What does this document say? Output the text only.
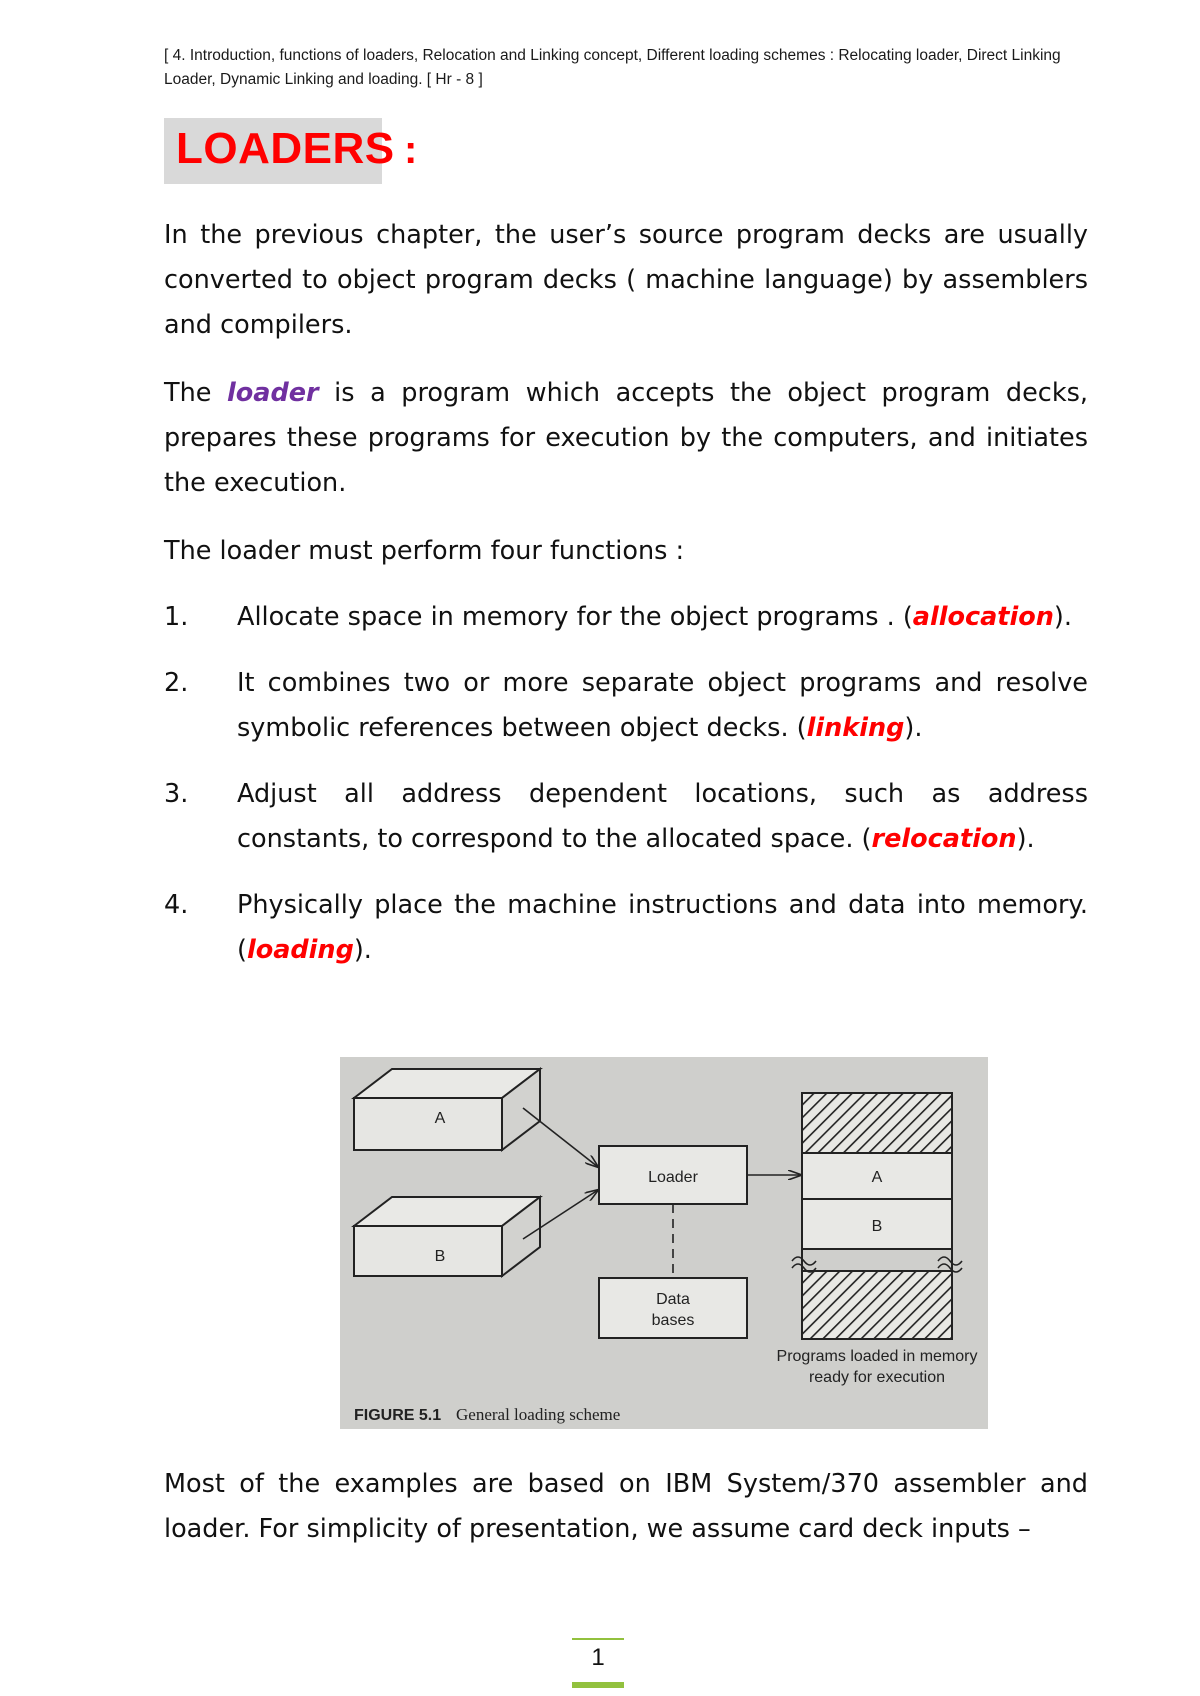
[ 4. Introduction, functions of loaders, Relocation and Linking concept, Different loading schemes : Relocating loader, Direct Linking Loader, Dynamic Linking and loading. [ Hr - 8 ]
LOADERS :
In the previous chapter, the user’s source program decks are usually converted to object program decks ( machine language) by assemblers and compilers.
The loader is a program which accepts the object program decks, prepares these programs for execution by the computers, and initiates the execution.
The loader must perform four functions :
1. Allocate space in memory for the object programs . (allocation).
2. It combines two or more separate object programs and resolve symbolic references between object decks. (linking).
3. Adjust all address dependent locations, such as address constants, to correspond to the allocated space. (relocation).
4. Physically place the machine instructions and data into memory. (loading).
A
B
Loader
Data
bases
A
B
Programs loaded in memory
ready for execution
FIGURE 5.1 General loading scheme
Most of the examples are based on IBM System/370 assembler and loader. For simplicity of presentation, we assume card deck inputs –
1
